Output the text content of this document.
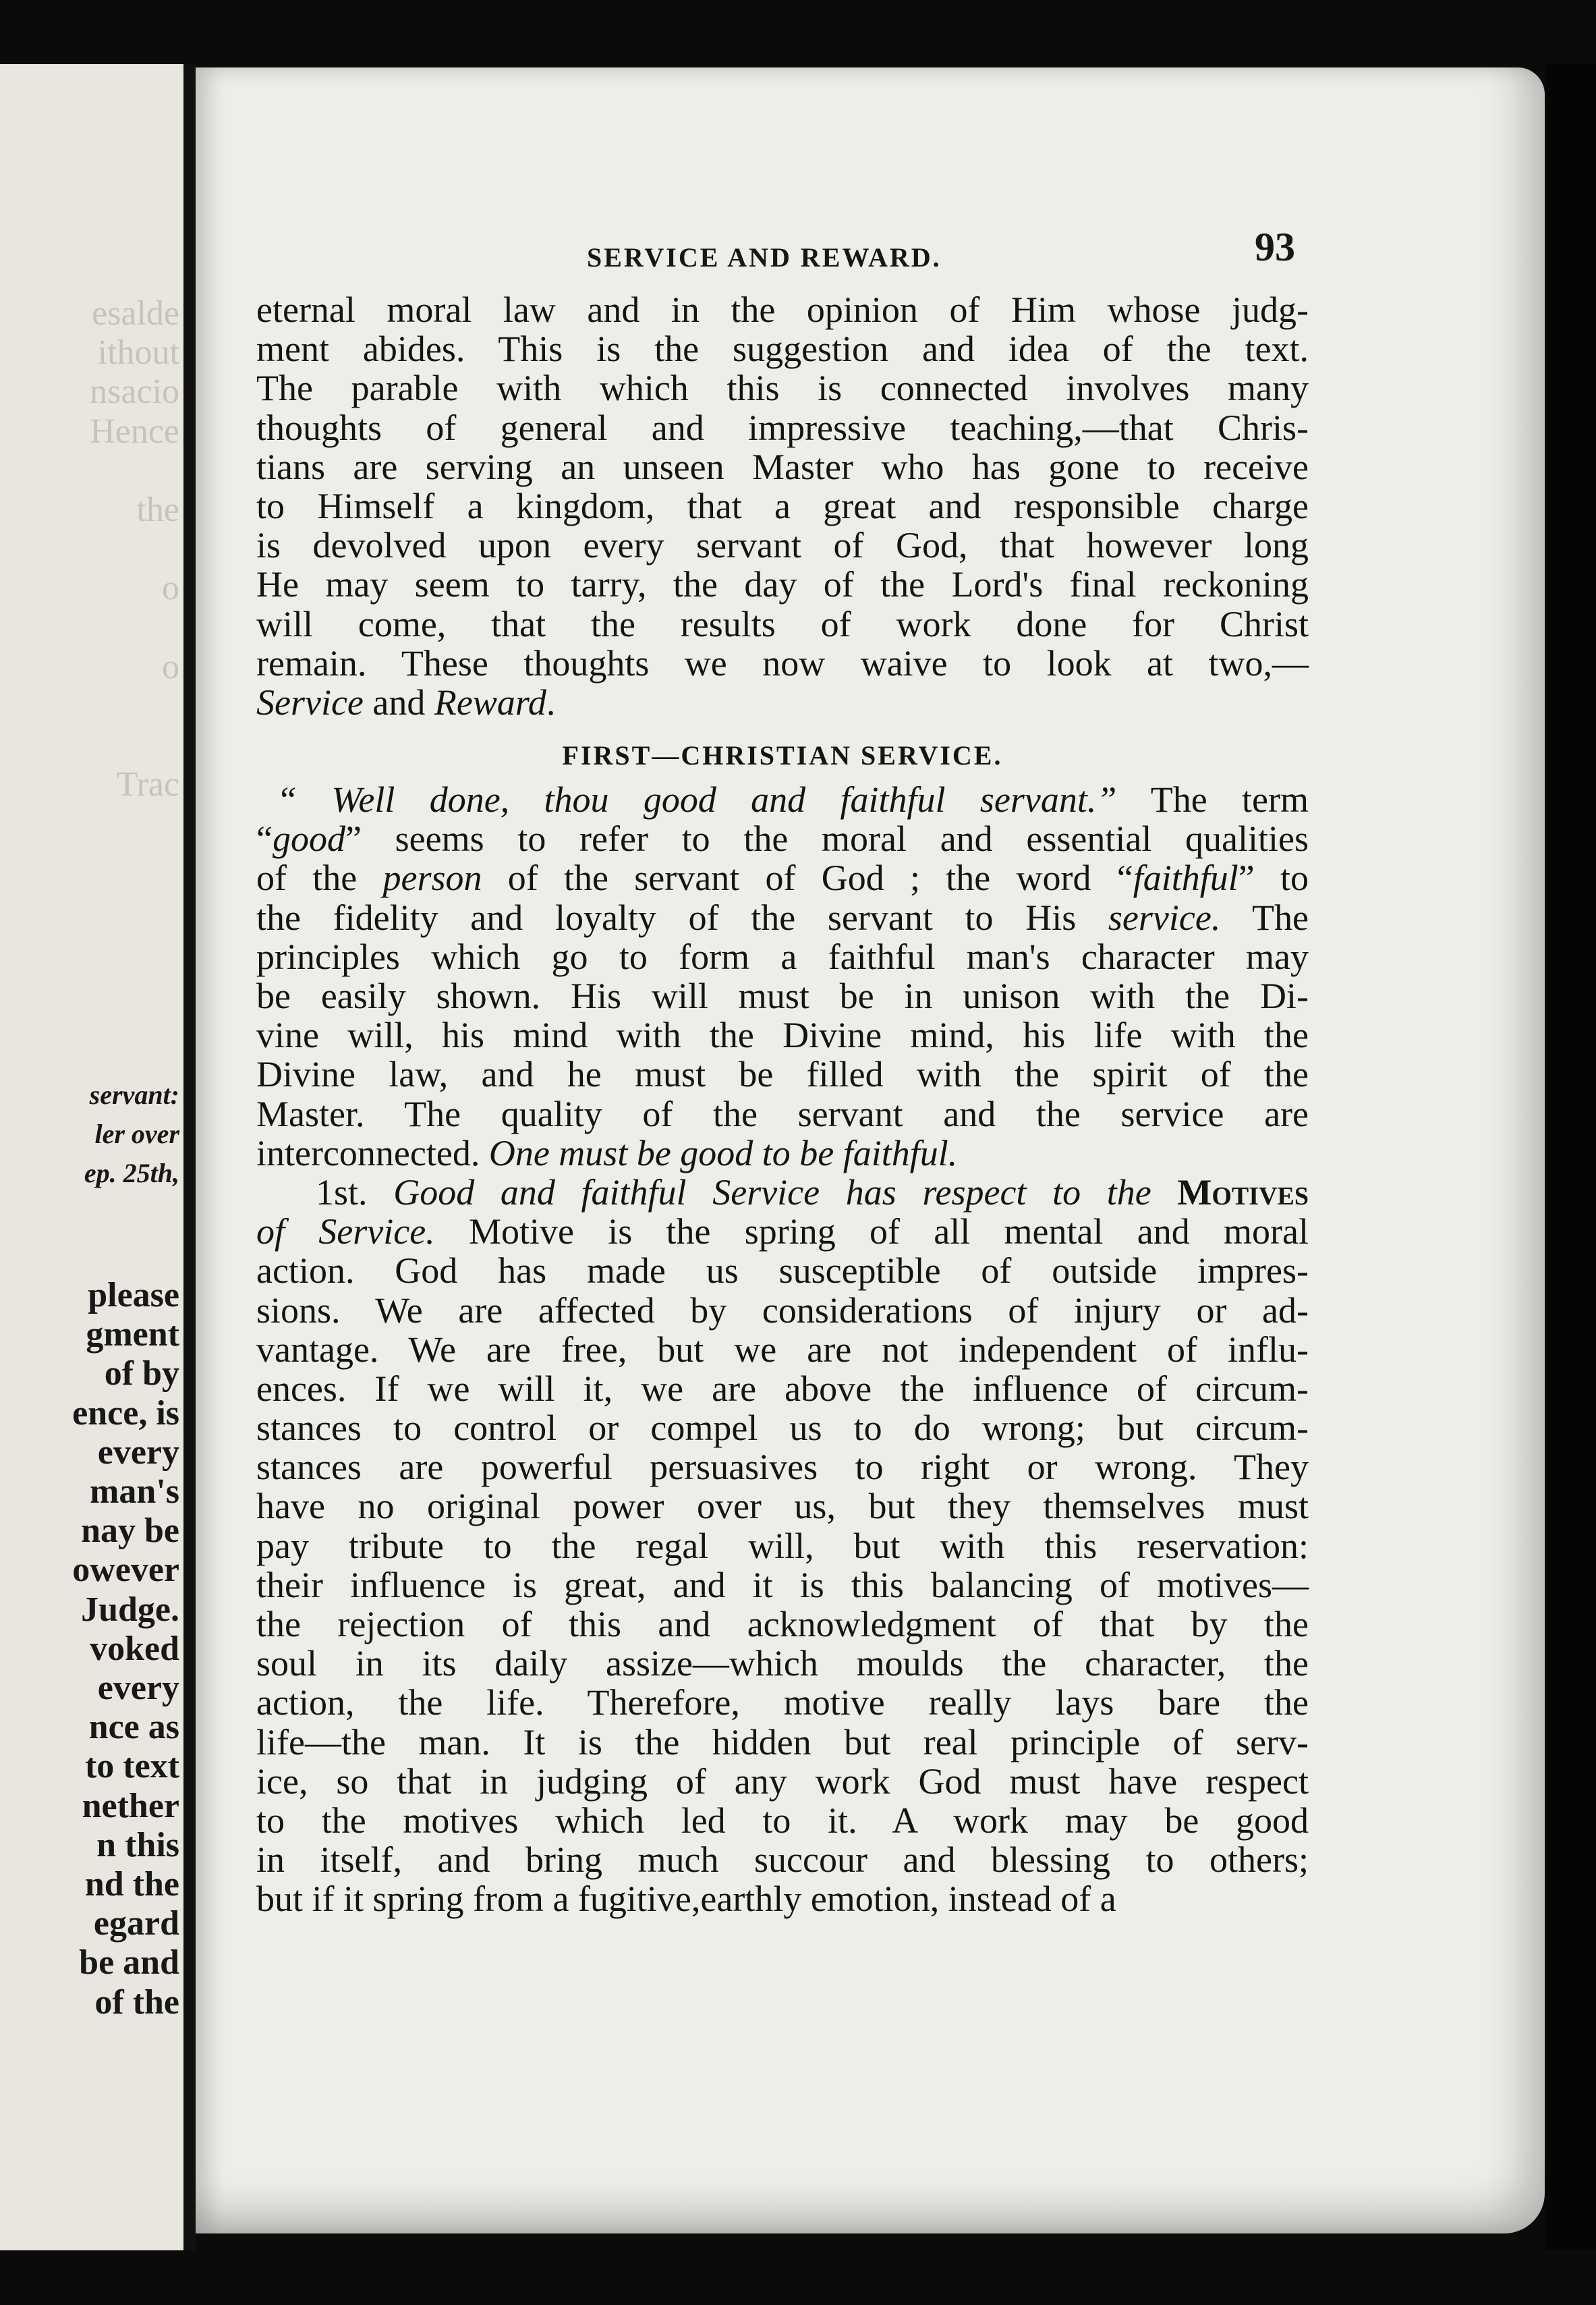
esalde
ithout
nsacio
Hence
the
o
o
Trac
servant:
ler over
ep. 25th,
please
gment
of by
ence, is
every
man's
nay be
owever
Judge.
voked
every
nce as
to text
nether
n this
nd the
egard
be and
of the
SERVICE AND REWARD.	93
eternal moral law and in the opinion of Him whose judg-
ment abides. This is the suggestion and idea of the text.
The parable with which this is connected involves many
thoughts of general and impressive teaching,—that Chris-
tians are serving an unseen Master who has gone to receive
to Himself a kingdom, that a great and responsible charge
is devolved upon every servant of God, that however long
He may seem to tarry, the day of the Lord's final reckoning
will come, that the results of work done for Christ
remain. These thoughts we now waive to look at two,—
Service and Reward.
FIRST—CHRISTIAN SERVICE.
“ Well done, thou good and faithful servant.” The term
“good” seems to refer to the moral and essential qualities
of the person of the servant of God ; the word “faithful” to
the fidelity and loyalty of the servant to His service. The
principles which go to form a faithful man's character may
be easily shown. His will must be in unison with the Di-
vine will, his mind with the Divine mind, his life with the
Divine law, and he must be filled with the spirit of the
Master. The quality of the servant and the service are
interconnected. One must be good to be faithful.
1st. Good and faithful Service has respect to the Motives
of Service. Motive is the spring of all mental and moral
action. God has made us susceptible of outside impres-
sions. We are affected by considerations of injury or ad-
vantage. We are free, but we are not independent of influ-
ences. If we will it, we are above the influence of circum-
stances to control or compel us to do wrong; but circum-
stances are powerful persuasives to right or wrong. They
have no original power over us, but they themselves must
pay tribute to the regal will, but with this reservation:
their influence is great, and it is this balancing of motives—
the rejection of this and acknowledgment of that by the
soul in its daily assize—which moulds the character, the
action, the life. Therefore, motive really lays bare the
life—the man. It is the hidden but real principle of serv-
ice, so that in judging of any work God must have respect
to the motives which led to it. A work may be good
in itself, and bring much succour and blessing to others;
but if it spring from a fugitive,earthly emotion, instead of a
